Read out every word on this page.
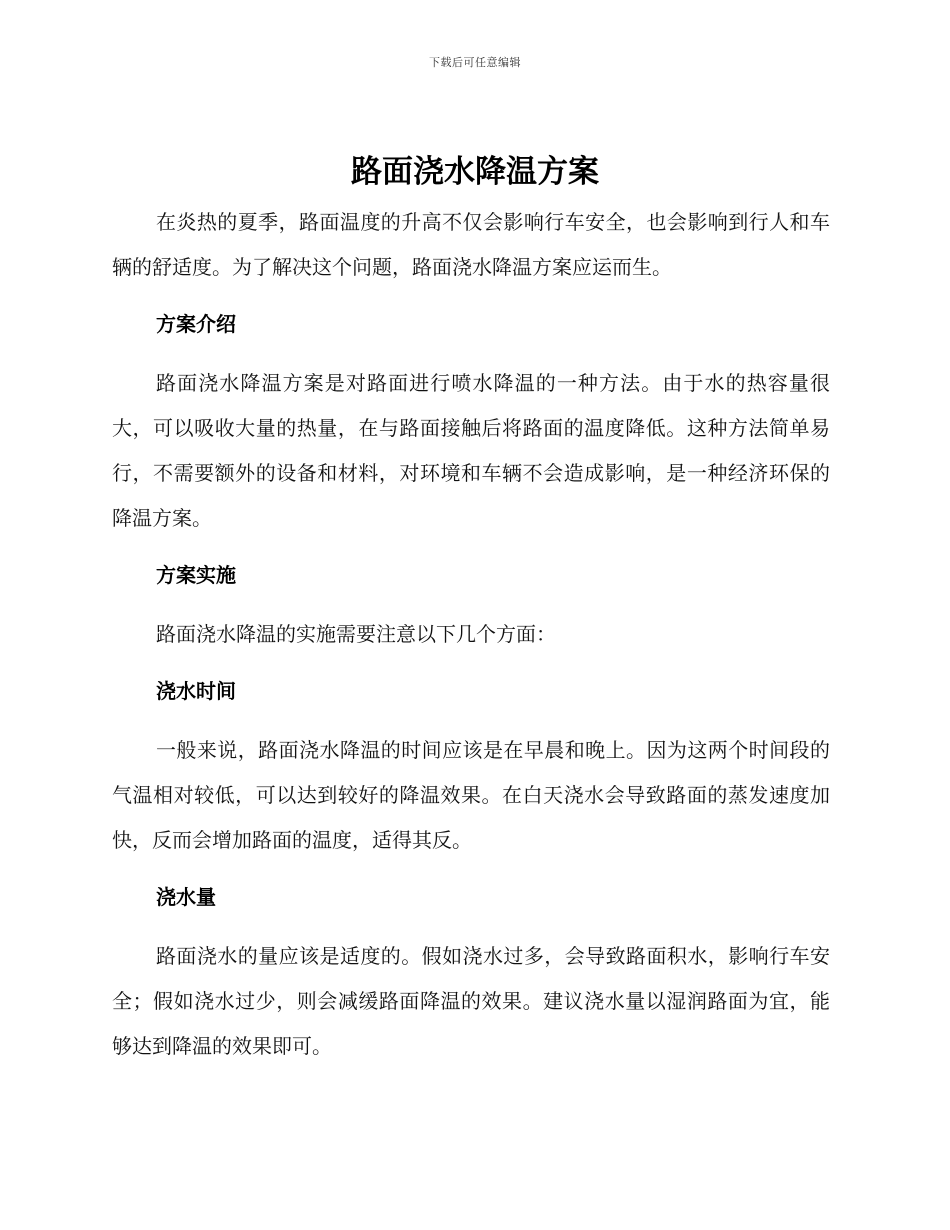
下载后可任意编辑
路面浇水降温方案

在炎热的夏季，路面温度的升高不仅会影响行车安全，也会影响到行人和车辆的舒适度。为了解决这个问题，路面浇水降温方案应运而生。

方案介绍

路面浇水降温方案是对路面进行喷水降温的一种方法。由于水的热容量很大，可以吸收大量的热量，在与路面接触后将路面的温度降低。这种方法简单易行，不需要额外的设备和材料，对环境和车辆不会造成影响，是一种经济环保的降温方案。

方案实施

路面浇水降温的实施需要注意以下几个方面：

浇水时间

一般来说，路面浇水降温的时间应该是在早晨和晚上。因为这两个时间段的气温相对较低，可以达到较好的降温效果。在白天浇水会导致路面的蒸发速度加快，反而会增加路面的温度，适得其反。

浇水量

路面浇水的量应该是适度的。假如浇水过多，会导致路面积水，影响行车安全；假如浇水过少，则会减缓路面降温的效果。建议浇水量以湿润路面为宜，能够达到降温的效果即可。
